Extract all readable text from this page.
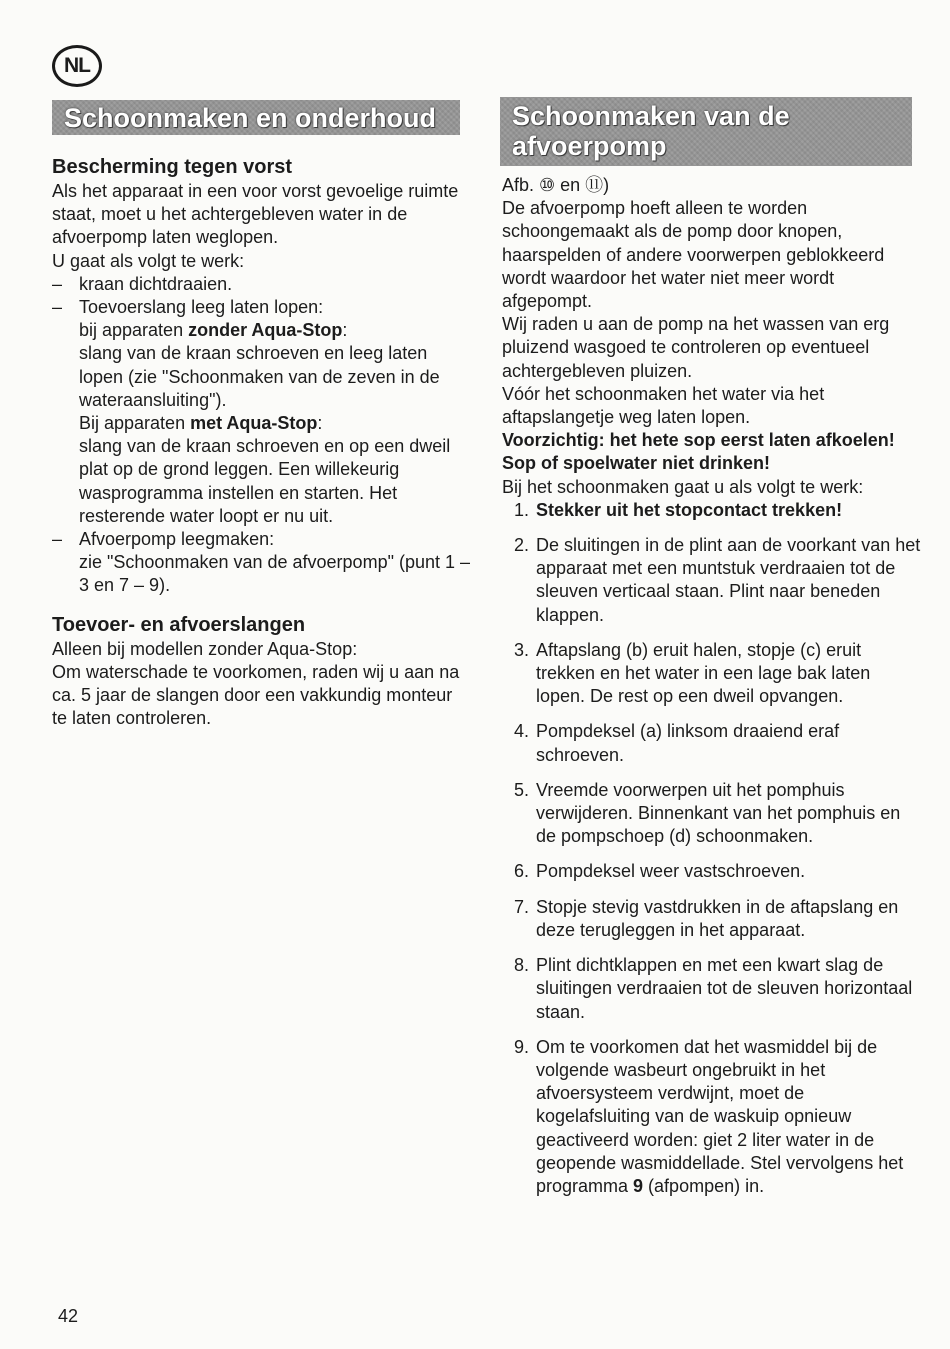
NL
Schoonmaken en onderhoud	Schoonmaken van de afvoerpomp

Bescherming tegen vorst

Als het apparaat in een voor vorst gevoelige ruimte staat, moet u het achtergebleven water in de afvoerpomp laten weglopen.

U gaat als volgt te werk:

– kraan dichtdraaien.
– Toevoerslang leeg laten lopen:
bij apparaten zonder Aqua-Stop:
slang van de kraan schroeven en leeg laten lopen (zie "Schoonmaken van de zeven in de wateraansluiting").
Bij apparaten met Aqua-Stop:
slang van de kraan schroeven en op een dweil plat op de grond leggen. Een willekeurig wasprogramma instellen en starten. Het resterende water loopt er nu uit.
– Afvoerpomp leegmaken:
zie "Schoonmaken van de afvoerpomp" (punt 1 – 3 en 7 – 9).

Toevoer- en afvoerslangen

Alleen bij modellen zonder Aqua-Stop:

Om waterschade te voorkomen, raden wij u aan na ca. 5 jaar de slangen door een vakkundig monteur te laten controleren.

Afb. ⑩ en ⑪)

De afvoerpomp hoeft alleen te worden schoongemaakt als de pomp door knopen, haarspelden of andere voorwerpen geblokkeerd wordt waardoor het water niet meer wordt afgepompt.

Wij raden u aan de pomp na het wassen van erg pluizend wasgoed te controleren op eventueel achtergebleven pluizen.

Vóór het schoonmaken het water via het aftapslangetje weg laten lopen.

Voorzichtig: het hete sop eerst laten afkoelen!

Sop of spoelwater niet drinken!

Bij het schoonmaken gaat u als volgt te werk:

1. Stekker uit het stopcontact trekken!
2. De sluitingen in de plint aan de voorkant van het apparaat met een muntstuk verdraaien tot de sleuven verticaal staan. Plint naar beneden klappen.
3. Aftapslang (b) eruit halen, stopje (c) eruit trekken en het water in een lage bak laten lopen. De rest op een dweil opvangen.
4. Pompdeksel (a) linksom draaiend eraf schroeven.
5. Vreemde voorwerpen uit het pomphuis verwijderen. Binnenkant van het pomphuis en de pompschoep (d) schoonmaken.
6. Pompdeksel weer vastschroeven.
7. Stopje stevig vastdrukken in de aftapslang en deze terugleggen in het apparaat.
8. Plint dichtklappen en met een kwart slag de sluitingen verdraaien tot de sleuven horizontaal staan.
9. Om te voorkomen dat het wasmiddel bij de volgende wasbeurt ongebruikt in het afvoersysteem verdwijnt, moet de kogelafsluiting van de waskuip opnieuw geactiveerd worden: giet 2 liter water in de geopende wasmiddellade. Stel vervolgens het programma 9 (afpompen) in.
42
